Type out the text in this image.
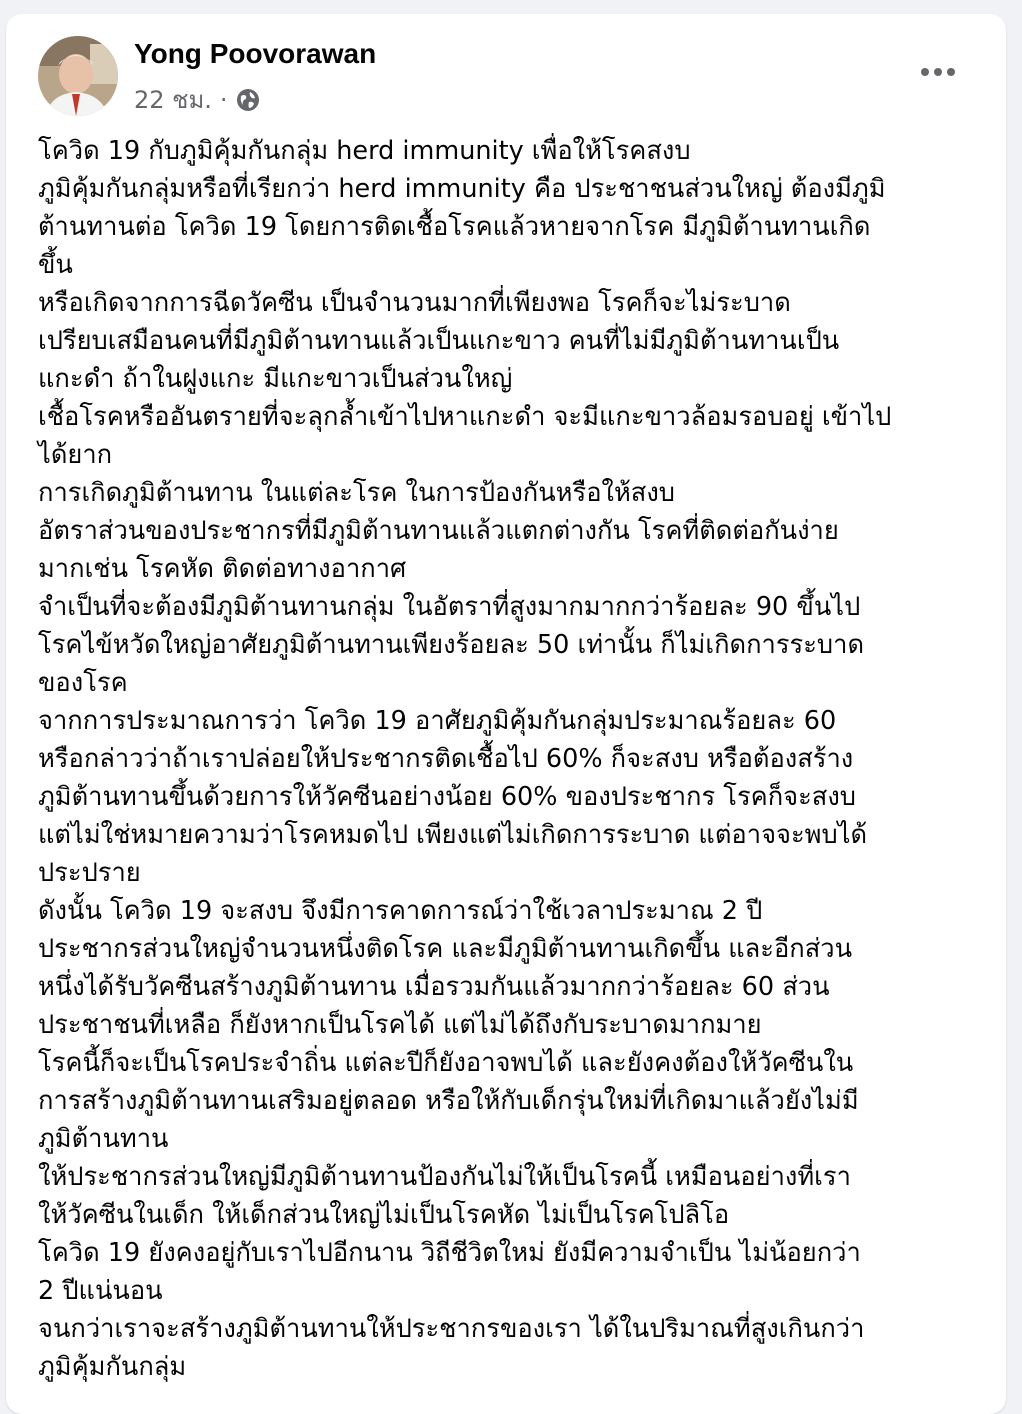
Yong Poovorawan
22 ชม. ·
โควิด 19 กับภูมิคุ้มกันกลุ่ม herd immunity เพื่อให้โรคสงบ
ภูมิคุ้มกันกลุ่มหรือที่เรียกว่า herd immunity คือ ประชาชนส่วนใหญ่ ต้องมีภูมิ
ต้านทานต่อ โควิด 19 โดยการติดเชื้อโรคแล้วหายจากโรค มีภูมิต้านทานเกิด
ขึ้น
หรือเกิดจากการฉีดวัคซีน เป็นจำนวนมากที่เพียงพอ โรคก็จะไม่ระบาด
เปรียบเสมือนคนที่มีภูมิต้านทานแล้วเป็นแกะขาว คนที่ไม่มีภูมิต้านทานเป็น
แกะดำ ถ้าในฝูงแกะ มีแกะขาวเป็นส่วนใหญ่
เชื้อโรคหรืออันตรายที่จะลุกล้ำเข้าไปหาแกะดำ จะมีแกะขาวล้อมรอบอยู่ เข้าไป
ได้ยาก
การเกิดภูมิต้านทาน ในแต่ละโรค ในการป้องกันหรือให้สงบ
อัตราส่วนของประชากรที่มีภูมิต้านทานแล้วแตกต่างกัน โรคที่ติดต่อกันง่าย
มากเช่น โรคหัด ติดต่อทางอากาศ
จำเป็นที่จะต้องมีภูมิต้านทานกลุ่ม ในอัตราที่สูงมากมากกว่าร้อยละ 90 ขึ้นไป
โรคไข้หวัดใหญ่อาศัยภูมิต้านทานเพียงร้อยละ 50 เท่านั้น ก็ไม่เกิดการระบาด
ของโรค
จากการประมาณการว่า โควิด 19 อาศัยภูมิคุ้มกันกลุ่มประมาณร้อยละ 60
หรือกล่าวว่าถ้าเราปล่อยให้ประชากรติดเชื้อไป 60% ก็จะสงบ หรือต้องสร้าง
ภูมิต้านทานขึ้นด้วยการให้วัคซีนอย่างน้อย 60% ของประชากร โรคก็จะสงบ
แต่ไม่ใช่หมายความว่าโรคหมดไป เพียงแต่ไม่เกิดการระบาด แต่อาจจะพบได้
ประปราย
ดังนั้น โควิด 19 จะสงบ จึงมีการคาดการณ์ว่าใช้เวลาประมาณ 2 ปี
ประชากรส่วนใหญ่จำนวนหนึ่งติดโรค และมีภูมิต้านทานเกิดขึ้น และอีกส่วน
หนึ่งได้รับวัคซีนสร้างภูมิต้านทาน เมื่อรวมกันแล้วมากกว่าร้อยละ 60 ส่วน
ประชาชนที่เหลือ ก็ยังหากเป็นโรคได้ แต่ไม่ได้ถึงกับระบาดมากมาย
โรคนี้ก็จะเป็นโรคประจำถิ่น แต่ละปีก็ยังอาจพบได้ และยังคงต้องให้วัคซีนใน
การสร้างภูมิต้านทานเสริมอยู่ตลอด หรือให้กับเด็กรุ่นใหม่ที่เกิดมาแล้วยังไม่มี
ภูมิต้านทาน
ให้ประชากรส่วนใหญ่มีภูมิต้านทานป้องกันไม่ให้เป็นโรคนี้ เหมือนอย่างที่เรา
ให้วัคซีนในเด็ก ให้เด็กส่วนใหญ่ไม่เป็นโรคหัด ไม่เป็นโรคโปลิโอ
โควิด 19 ยังคงอยู่กับเราไปอีกนาน วิถีชีวิตใหม่ ยังมีความจำเป็น ไม่น้อยกว่า
2 ปีแน่นอน
จนกว่าเราจะสร้างภูมิต้านทานให้ประชากรของเรา ได้ในปริมาณที่สูงเกินกว่า
ภูมิคุ้มกันกลุ่ม
